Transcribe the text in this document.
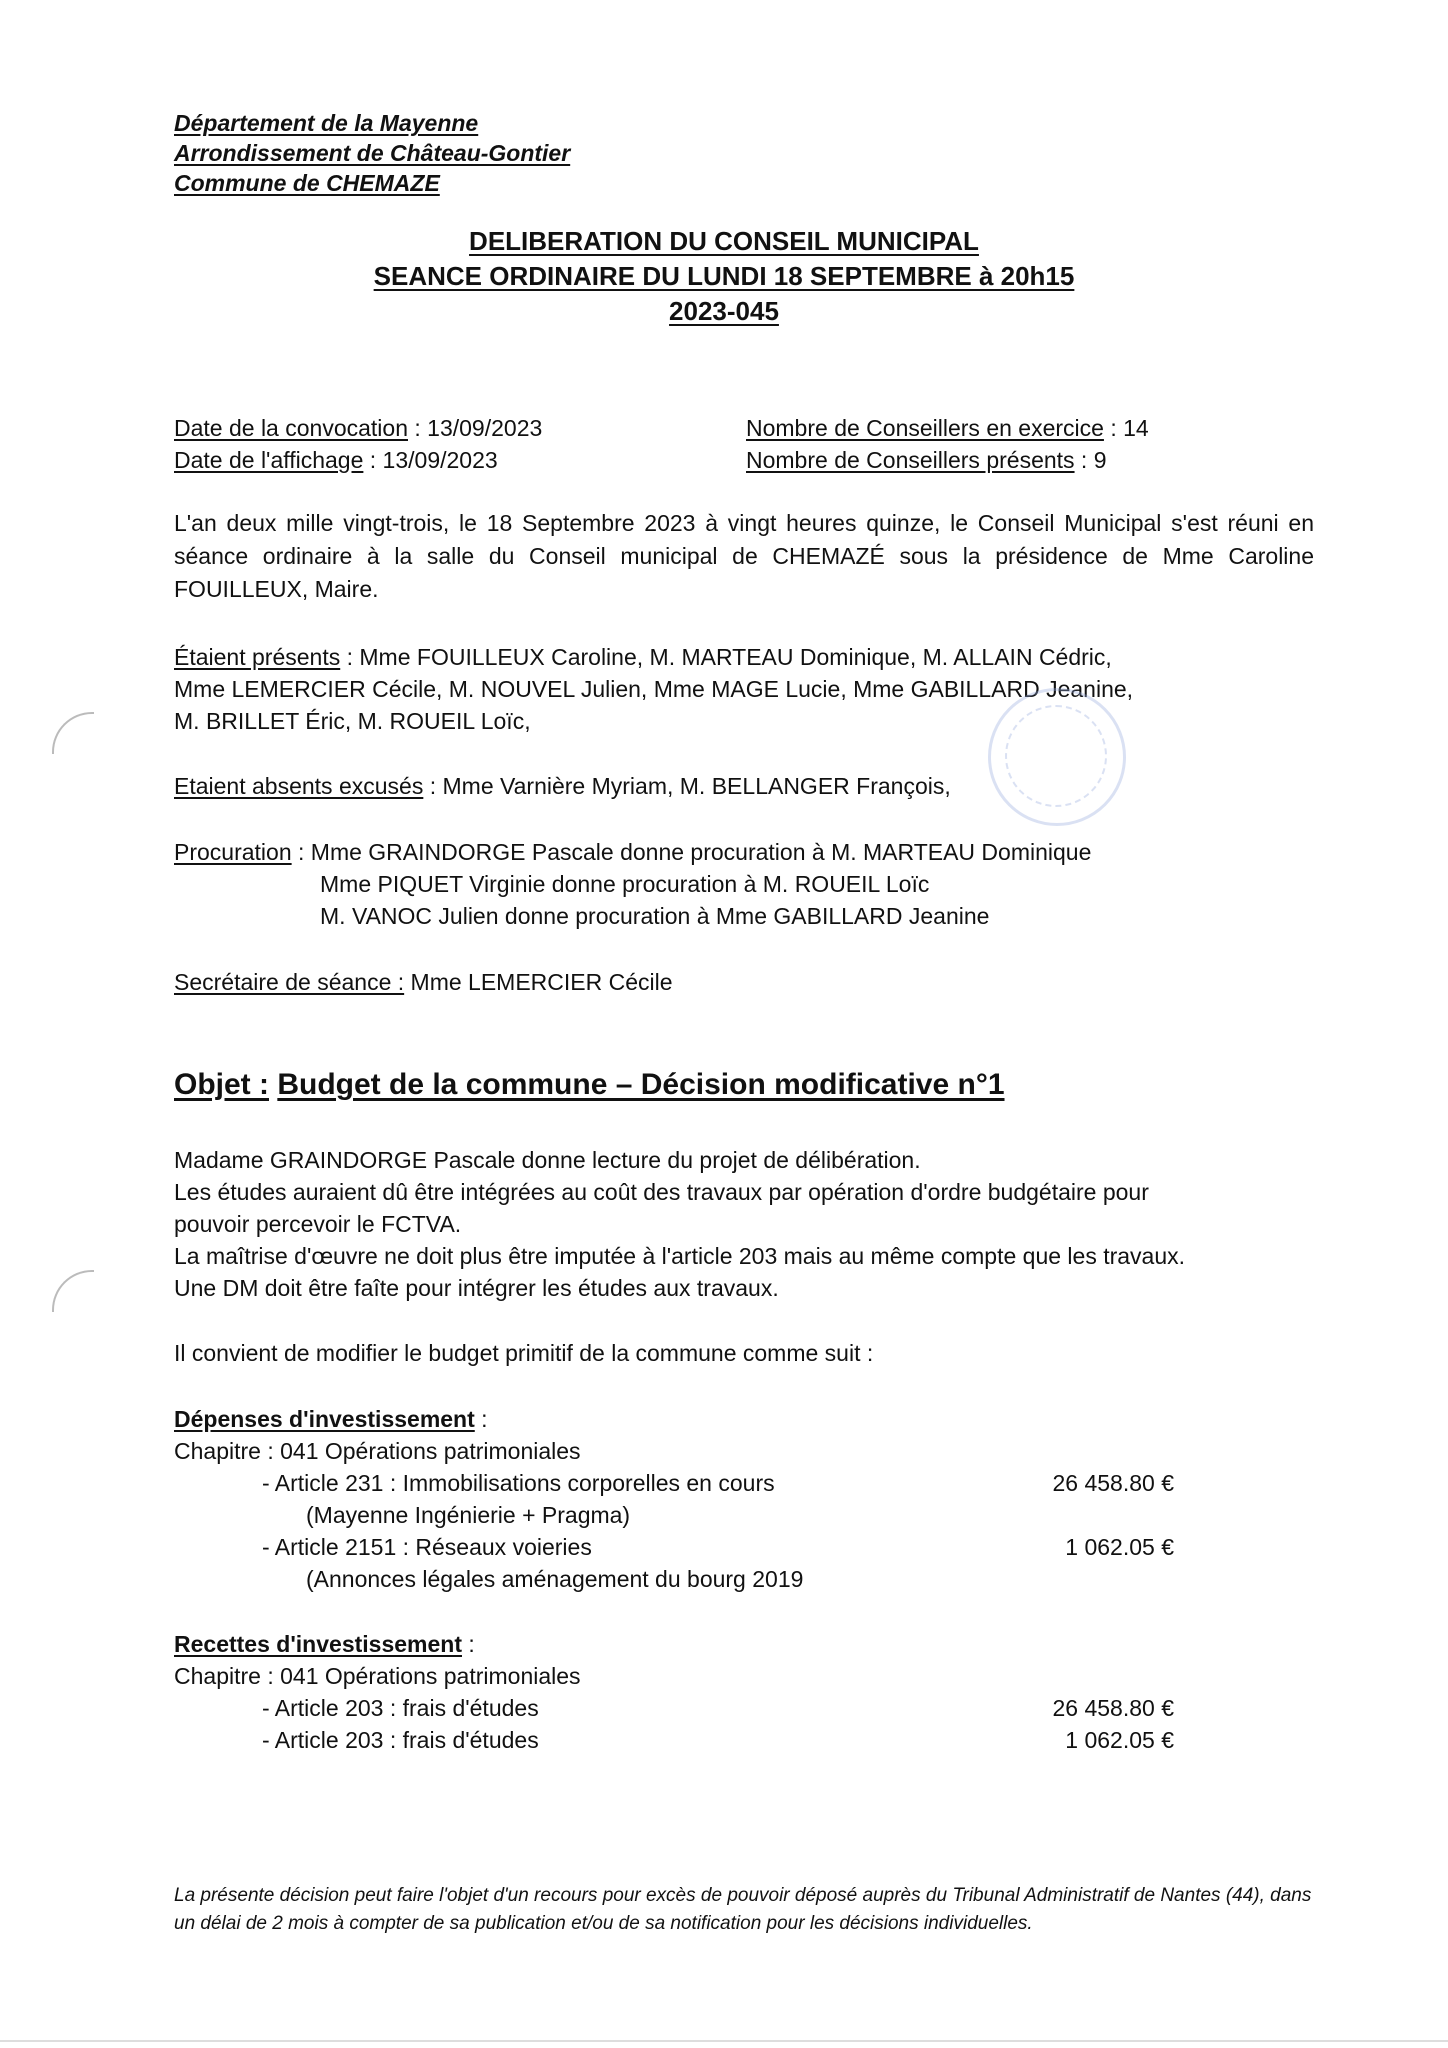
Département de la Mayenne
Arrondissement de Château-Gontier
Commune de CHEMAZE
DELIBERATION DU CONSEIL MUNICIPAL
SEANCE ORDINAIRE DU LUNDI 18 SEPTEMBRE à 20h15
2023-045
Date de la convocation : 13/09/2023
Date de l'affichage : 13/09/2023
Nombre de Conseillers en exercice : 14
Nombre de Conseillers présents : 9
L'an deux mille vingt-trois, le 18 Septembre 2023 à vingt heures quinze, le Conseil Municipal s'est réuni en séance ordinaire à la salle du Conseil municipal de CHEMAZÉ sous la présidence de Mme Caroline FOUILLEUX, Maire.
Étaient présents : Mme FOUILLEUX Caroline, M. MARTEAU Dominique, M. ALLAIN Cédric,
Mme LEMERCIER Cécile, M. NOUVEL Julien, Mme MAGE Lucie, Mme GABILLARD Jeanine,
M. BRILLET Éric, M. ROUEIL Loïc,
Etaient absents excusés : Mme Varnière Myriam, M. BELLANGER François,
Procuration : Mme GRAINDORGE Pascale donne procuration à M. MARTEAU Dominique
Mme PIQUET Virginie donne procuration à M. ROUEIL Loïc
M. VANOC Julien donne procuration à Mme GABILLARD Jeanine
Secrétaire de séance : Mme LEMERCIER Cécile
Objet : Budget de la commune – Décision modificative n°1
Madame GRAINDORGE Pascale donne lecture du projet de délibération.
Les études auraient dû être intégrées au coût des travaux par opération d'ordre budgétaire pour
pouvoir percevoir le FCTVA.
La maîtrise d'œuvre ne doit plus être imputée à l'article 203 mais au même compte que les travaux.
Une DM doit être faîte pour intégrer les études aux travaux.
Il convient de modifier le budget primitif de la commune comme suit :
Dépenses d'investissement :
Chapitre : 041 Opérations patrimoniales
- Article 231 : Immobilisations corporelles en cours	26 458.80 €
(Mayenne Ingénierie + Pragma)
- Article 2151 : Réseaux voieries	1 062.05 €
(Annonces légales aménagement du bourg 2019
Recettes d'investissement :
Chapitre : 041 Opérations patrimoniales
- Article 203 : frais d'études	26 458.80 €
- Article 203 : frais d'études	1 062.05 €
La présente décision peut faire l'objet d'un recours pour excès de pouvoir déposé auprès du Tribunal Administratif de Nantes (44), dans un délai de 2 mois à compter de sa publication et/ou de sa notification pour les décisions individuelles.
